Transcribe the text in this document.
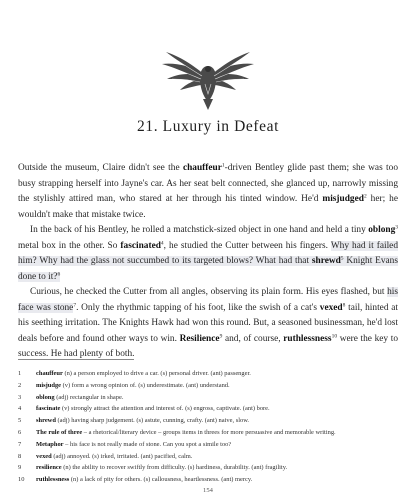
21. Luxury in Defeat

Outside the museum, Claire didn't see the chauffeur$^1$-driven Bentley glide past them; she was too busy strapping herself into Jayne's car. As her seat belt connected, she glanced up, narrowly missing the stylishly attired man, who stared at her through his tinted window. He'd misjudged$^2$ her; he wouldn't make that mistake twice.

In the back of his Bentley, he rolled a matchstick-sized object in one hand and held a tiny oblong$^3$ metal box in the other. So fascinated$^4$, he studied the Cutter between his fingers. Why had it failed him? Why had the glass not succumbed to its targeted blows? What had that shrewd$^5$ Knight Evans done to it?$^6$

Curious, he checked the Cutter from all angles, observing its plain form. His eyes flashed, but his face was stone$^7$. Only the rhythmic tapping of his foot, like the swish of a cat's vexed$^8$ tail, hinted at his seething irritation. The Knights Hawk had won this round. But, a seasoned businessman, he'd lost deals before and found other ways to win. Resilience$^9$ and, of course, ruthlessness$^{10}$ were the key to success. He had plenty of both.

1	chauffeur (n) a person employed to drive a car. (s) personal driver. (ant) passenger.
2	misjudge (v) form a wrong opinion of. (s) underestimate. (ant) understand.
3	oblong (adj) rectangular in shape.
4	fascinate (v) strongly attract the attention and interest of. (s) engross, captivate. (ant) bore.
5	shrewd (adj) having sharp judgement. (s) astute, cunning, crafty. (ant) naive, slow.
6	The rule of three – a rhetorical/literary device – groups items in threes for more persuasive and memorable writing.
7	Metaphor – his face is not really made of stone. Can you spot a simile too?
8	vexed (adj) annoyed. (s) irked, irritated. (ant) pacified, calm.
9	resilience (n) the ability to recover swiftly from difficulty. (s) hardiness, durability. (ant) fragility.
10	ruthlessness (n) a lack of pity for others. (s) callousness, heartlessness. (ant) mercy.
154
